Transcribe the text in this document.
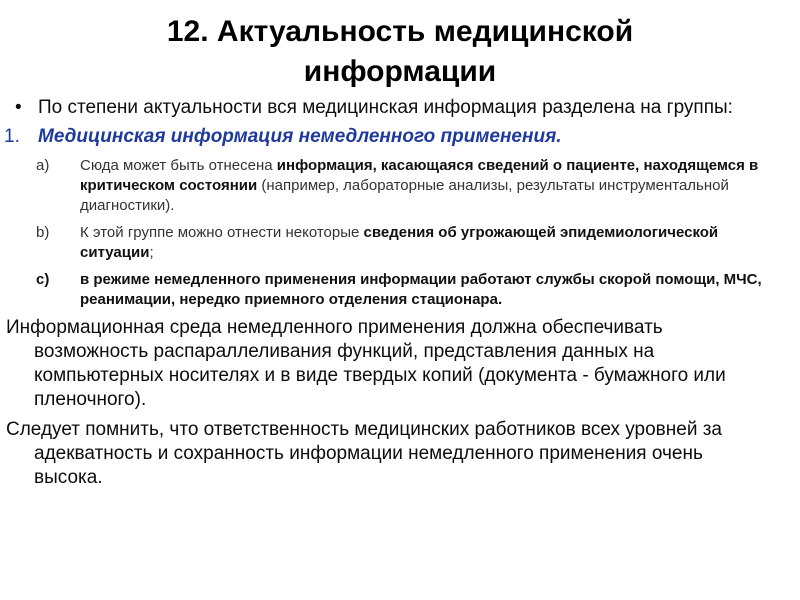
12. Актуальность медицинской
информации
• По степени актуальности вся медицинская информация разделена на группы:
1. Медицинская информация немедленного применения.
a) Сюда может быть отнесена информация, касающаяся сведений о пациенте, находящемся в критическом состоянии (например, лабораторные анализы, результаты инструментальной диагностики).
b) К этой группе можно отнести некоторые сведения об угрожающей эпидемиологической ситуации;
c) в режиме немедленного применения информации работают службы скорой помощи, МЧС, реанимации, нередко приемного отделения стационара.
Информационная среда немедленного применения должна обеспечивать возможность распараллеливания функций, представления данных на компьютерных носителях и в виде твердых копий (документа - бумажного или пленочного).
Следует помнить, что ответственность медицинских работников всех уровней за адекватность и сохранность информации немедленного применения очень высока.
